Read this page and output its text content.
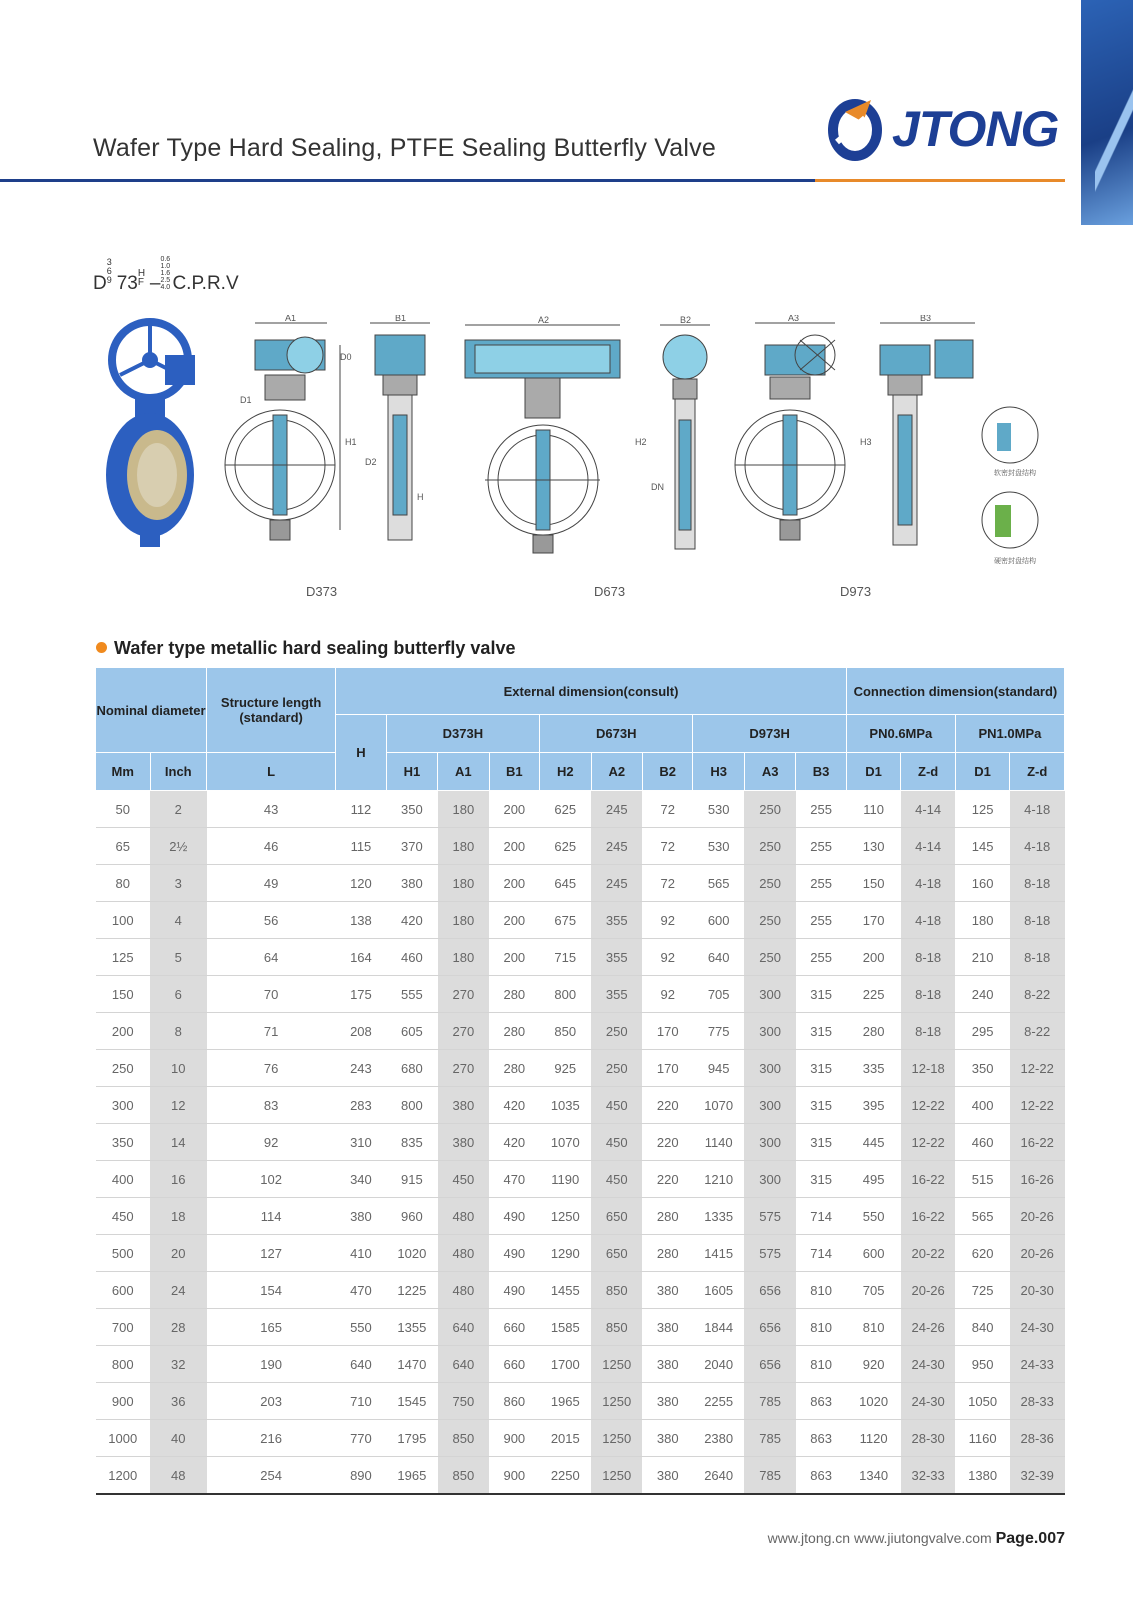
Wafer Type Hard Sealing, PTFE Sealing Butterfly Valve	JTONG
$D^{3 6 9}$ 73H F –0.6 1.0 1.6 2.5 4.0 C.P.R.V
A1	B1	A2	B2	A3	B3
D1
H1	H2	H3
D0
DN
D2
H
软密封盘结构
硬密封盘结构
D373	D673	D973
Wafer type metallic hard sealing butterfly valve
Nominal diameter		Structure length (standard)	External dimension(consult)										Connection dimension(standard)			
			H	D373H			D673H			D973H			PN0.6MPa		PN1.0MPa	
Mm	Inch	L		H1	A1	B1	H2	A2	B2	H3	A3	B3	D1	Z-d	D1	Z-d
50	2	43	112	350	180	200	625	245	72	530	250	255	110	4-14	125	4-18
65	2½	46	115	370	180	200	625	245	72	530	250	255	130	4-14	145	4-18
80	3	49	120	380	180	200	645	245	72	565	250	255	150	4-18	160	8-18
100	4	56	138	420	180	200	675	355	92	600	250	255	170	4-18	180	8-18
125	5	64	164	460	180	200	715	355	92	640	250	255	200	8-18	210	8-18
150	6	70	175	555	270	280	800	355	92	705	300	315	225	8-18	240	8-22
200	8	71	208	605	270	280	850	250	170	775	300	315	280	8-18	295	8-22
250	10	76	243	680	270	280	925	250	170	945	300	315	335	12-18	350	12-22
300	12	83	283	800	380	420	1035	450	220	1070	300	315	395	12-22	400	12-22
350	14	92	310	835	380	420	1070	450	220	1140	300	315	445	12-22	460	16-22
400	16	102	340	915	450	470	1190	450	220	1210	300	315	495	16-22	515	16-26
450	18	114	380	960	480	490	1250	650	280	1335	575	714	550	16-22	565	20-26
500	20	127	410	1020	480	490	1290	650	280	1415	575	714	600	20-22	620	20-26
600	24	154	470	1225	480	490	1455	850	380	1605	656	810	705	20-26	725	20-30
700	28	165	550	1355	640	660	1585	850	380	1844	656	810	810	24-26	840	24-30
800	32	190	640	1470	640	660	1700	1250	380	2040	656	810	920	24-30	950	24-33
900	36	203	710	1545	750	860	1965	1250	380	2255	785	863	1020	24-30	1050	28-33
1000	40	216	770	1795	850	900	2015	1250	380	2380	785	863	1120	28-30	1160	28-36
1200	48	254	890	1965	850	900	2250	1250	380	2640	785	863	1340	32-33	1380	32-39
www.jtong.cn www.jiutongvalve.com Page.007
